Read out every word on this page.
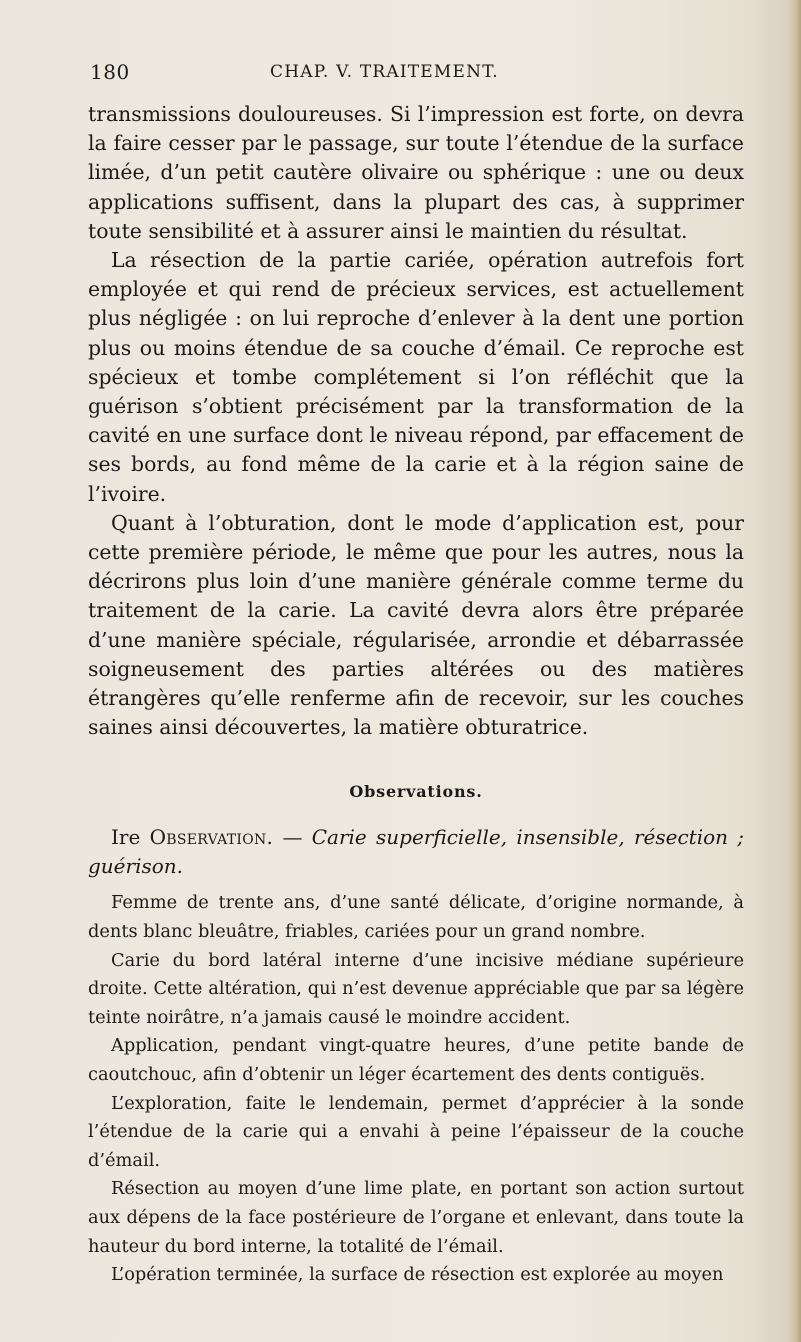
180	CHAP. V. TRAITEMENT.

transmissions douloureuses. Si l’impression est forte, on devra la faire cesser par le passage, sur toute l’étendue de la surface limée, d’un petit cautère olivaire ou sphérique : une ou deux applications suffisent, dans la plupart des cas, à supprimer toute sensibilité et à assurer ainsi le maintien du résultat.

La résection de la partie cariée, opération autrefois fort employée et qui rend de précieux services, est actuellement plus négligée : on lui reproche d’enlever à la dent une portion plus ou moins étendue de sa couche d’émail. Ce reproche est spécieux et tombe complétement si l’on réfléchit que la guérison s’obtient précisément par la transformation de la cavité en une surface dont le niveau répond, par effacement de ses bords, au fond même de la carie et à la région saine de l’ivoire.

Quant à l’obturation, dont le mode d’application est, pour cette première période, le même que pour les autres, nous la décrirons plus loin d’une manière générale comme terme du traitement de la carie. La cavité devra alors être préparée d’une manière spéciale, régularisée, arrondie et débarrassée soigneusement des parties altérées ou des matières étrangères qu’elle renferme afin de recevoir, sur les couches saines ainsi découvertes, la matière obturatrice.

Observations.

Ire Observation. — Carie superficielle, insensible, résection ; guérison.

Femme de trente ans, d’une santé délicate, d’origine normande, à dents blanc bleuâtre, friables, cariées pour un grand nombre.

Carie du bord latéral interne d’une incisive médiane supérieure droite. Cette altération, qui n’est devenue appréciable que par sa légère teinte noirâtre, n’a jamais causé le moindre accident.

Application, pendant vingt-quatre heures, d’une petite bande de caoutchouc, afin d’obtenir un léger écartement des dents contiguës.

L’exploration, faite le lendemain, permet d’apprécier à la sonde l’étendue de la carie qui a envahi à peine l’épaisseur de la couche d’émail.

Résection au moyen d’une lime plate, en portant son action surtout aux dépens de la face postérieure de l’organe et enlevant, dans toute la hauteur du bord interne, la totalité de l’émail.

L’opération terminée, la surface de résection est explorée au moyen
